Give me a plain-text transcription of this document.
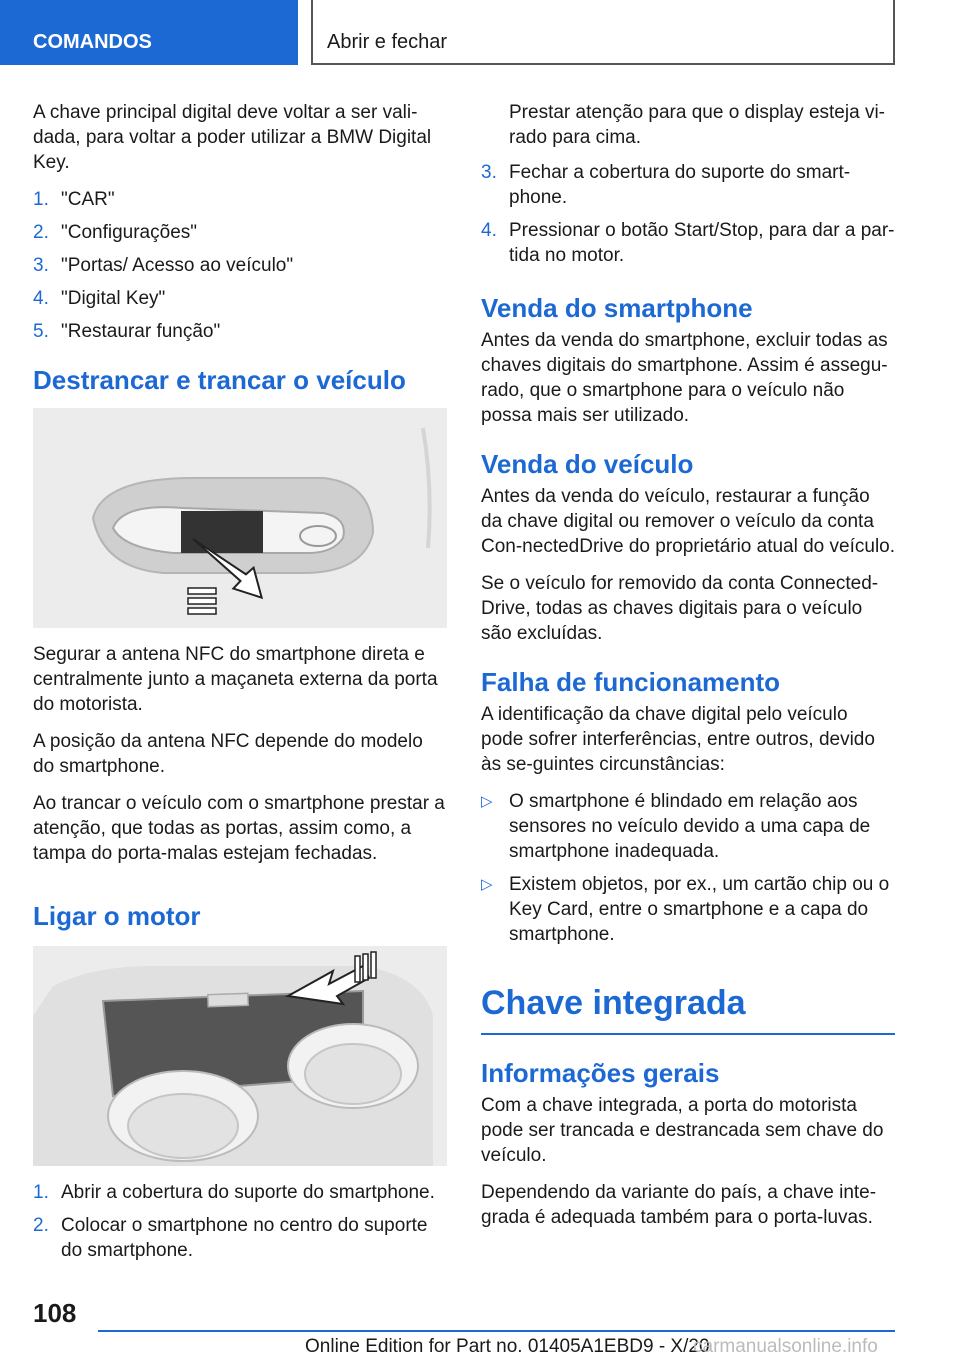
COMANDOS	Abrir e fechar

A chave principal digital deve voltar a ser vali-dada, para voltar a poder utilizar a BMW Digital Key.

1. "CAR"
2. "Configurações"
3. "Portas/ Acesso ao veículo"
4. "Digital Key"
5. "Restaurar função"
Destrancar e trancar o veículo

Segurar a antena NFC do smartphone direta e centralmente junto a maçaneta externa da porta do motorista.

A posição da antena NFC depende do modelo do smartphone.

Ao trancar o veículo com o smartphone prestar a atenção, que todas as portas, assim como, a tampa do porta-malas estejam fechadas.

Ligar o motor
1. Abrir a cobertura do suporte do smartphone.
2. Colocar o smartphone no centro do suporte do smartphone.

Prestar atenção para que o display esteja vi-rado para cima.

3. Fechar a cobertura do suporte do smart-phone.
4. Pressionar o botão Start/Stop, para dar a par-tida no motor.
Venda do smartphone

Antes da venda do smartphone, excluir todas as chaves digitais do smartphone. Assim é assegu-rado, que o smartphone para o veículo não possa mais ser utilizado.

Venda do veículo

Antes da venda do veículo, restaurar a função da chave digital ou remover o veículo da conta Con-nectedDrive do proprietário atual do veículo.

Se o veículo for removido da conta Connected-Drive, todas as chaves digitais para o veículo são excluídas.

Falha de funcionamento

A identificação da chave digital pelo veículo pode sofrer interferências, entre outros, devido às se-guintes circunstâncias:

▷ O smartphone é blindado em relação aos sensores no veículo devido a uma capa de smartphone inadequada.
▷ Existem objetos, por ex., um cartão chip ou o Key Card, entre o smartphone e a capa do smartphone.
Chave integrada
Informações gerais

Com a chave integrada, a porta do motorista pode ser trancada e destrancada sem chave do veículo.

Dependendo da variante do país, a chave inte-grada é adequada também para o porta-luvas.

108
Online Edition for Part no. 01405A1EBD9 - X/20
carmanualsonline.info
